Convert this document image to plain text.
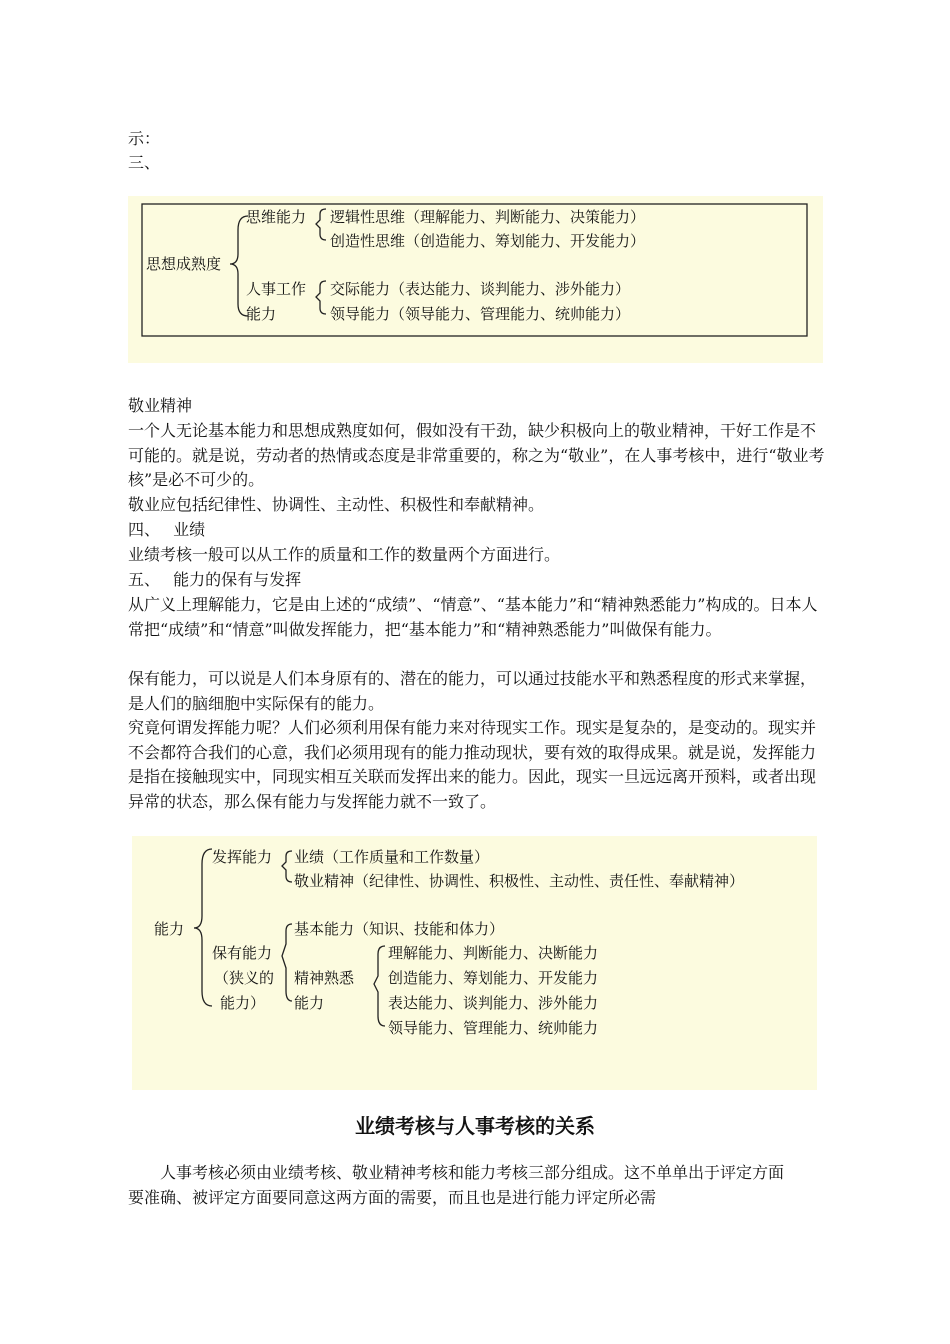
示：
三、
思想成熟度
思维能力 逻辑性思维（理解能力、判断能力、决策能力）
创造性思维（创造能力、筹划能力、开发能力）
人事工作
能力
交际能力（表达能力、谈判能力、涉外能力）
领导能力（领导能力、管理能力、统帅能力）
敬业精神
一个人无论基本能力和思想成熟度如何，假如没有干劲，缺少积极向上的敬业精神，干好工作是不可能的。就是说，劳动者的热情或态度是非常重要的，称之为“敬业”，在人事考核中，进行“敬业考核”是必不可少的。
敬业应包括纪律性、协调性、主动性、积极性和奉献精神。
四、　 业绩
业绩考核一般可以从工作的质量和工作的数量两个方面进行。
五、　 能力的保有与发挥
从广义上理解能力，它是由上述的“成绩”、“情意”、“基本能力”和“精神熟悉能力”构成的。日本人常把“成绩”和“情意”叫做发挥能力，把“基本能力”和“精神熟悉能力”叫做保有能力。
保有能力，可以说是人们本身原有的、潜在的能力，可以通过技能水平和熟悉程度的形式来掌握，是人们的脑细胞中实际保有的能力。
究竟何谓发挥能力呢？人们必须利用保有能力来对待现实工作。现实是复杂的，是变动的。现实并不会都符合我们的心意，我们必须用现有的能力推动现状，要有效的取得成果。就是说，发挥能力是指在接触现实中，同现实相互关联而发挥出来的能力。因此，现实一旦远远离开预料，或者出现异常的状态，那么保有能力与发挥能力就不一致了。
能力
发挥能力 业绩（工作质量和工作数量）
敬业精神（纪律性、协调性、积极性、主动性、责任性、奉献精神）
基本能力（知识、技能和体力）
保有能力
（狭义的
能力）
精神熟悉
能力
理解能力、判断能力、决断能力
创造能力、筹划能力、开发能力
表达能力、谈判能力、涉外能力
领导能力、管理能力、统帅能力
业绩考核与人事考核的关系
人事考核必须由业绩考核、敬业精神考核和能力考核三部分组成。这不单单出于评定方面要准确、被评定方面要同意这两方面的需要，而且也是进行能力评定所必需
